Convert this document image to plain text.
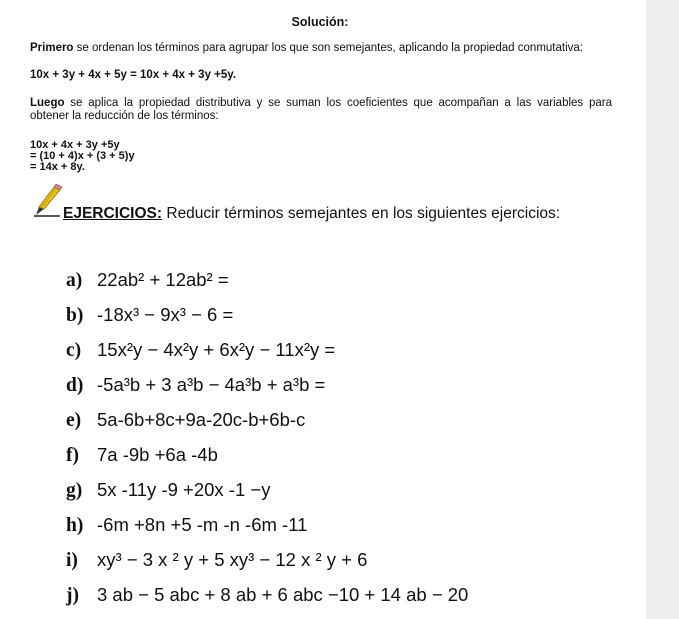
Solución:
Primero se ordenan los términos para agrupar los que son semejantes, aplicando la propiedad conmutativa:
10x + 3y + 4x + 5y = 10x + 4x + 3y +5y.
Luego se aplica la propiedad distributiva y se suman los coeficientes que acompañan a las variables para obtener la reducción de los términos:
10x + 4x + 3y +5y
= (10 + 4)x + (3 + 5)y
= 14x + 8y.
EJERCICIOS: Reducir términos semejantes en los siguientes ejercicios:
a) 22ab² + 12ab² =
b) -18x³ − 9x³ − 6 =
c) 15x²y − 4x²y + 6x²y − 11x²y =
d) -5a³b + 3 a³b − 4a³b + a³b =
e) 5a-6b+8c+9a-20c-b+6b-c
f) 7a -9b +6a -4b
g) 5x -11y -9 +20x -1 −y
h) -6m +8n +5 -m -n -6m -11
i) xy³ − 3 x ² y + 5 xy³ − 12 x ² y + 6
j) 3 ab − 5 abc + 8 ab + 6 abc −10 + 14 ab − 20
